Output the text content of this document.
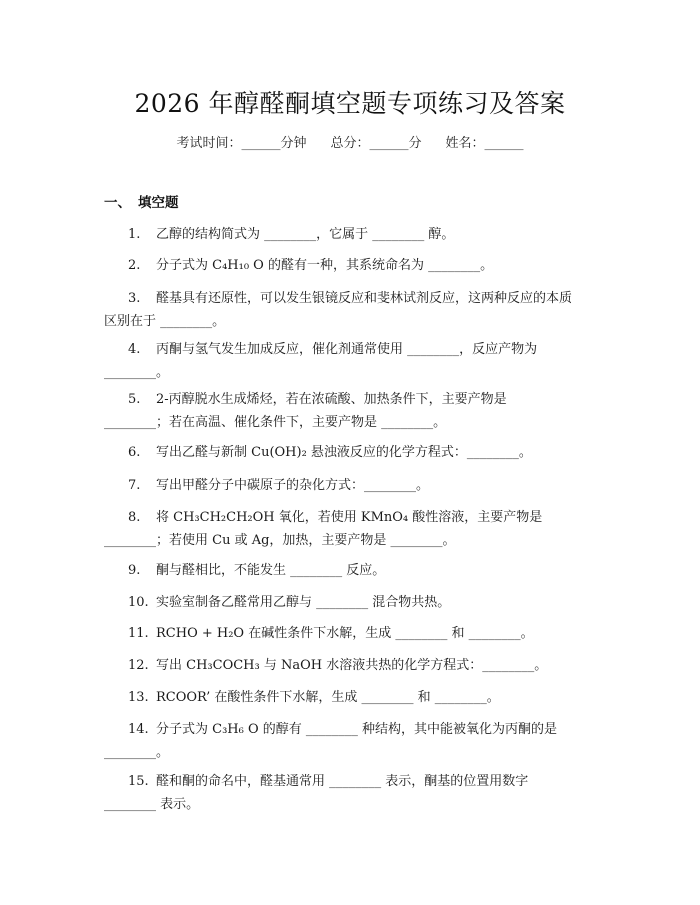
2026 年醇醛酮填空题专项练习及答案
考试时间：______分钟 总分：______分 姓名：______
一、 填空题
1. 乙醇的结构简式为 ________，它属于 ________ 醇。
2. 分子式为 C₄H₁₀ O 的醛有一种，其系统命名为 ________。
3. 醛基具有还原性，可以发生银镜反应和斐林试剂反应，这两种反应的本质
区别在于 ________。
4. 丙酮与氢气发生加成反应，催化剂通常使用 ________，反应产物为
________。
5. 2-丙醇脱水生成烯烃，若在浓硫酸、加热条件下，主要产物是
________；若在高温、催化条件下，主要产物是 ________。
6. 写出乙醛与新制 Cu(OH)₂ 悬浊液反应的化学方程式：________。
7. 写出甲醛分子中碳原子的杂化方式：________。
8. 将 CH₃CH₂CH₂OH 氧化，若使用 KMnO₄ 酸性溶液，主要产物是
________；若使用 Cu 或 Ag，加热，主要产物是 ________。
9. 酮与醛相比，不能发生 ________ 反应。
10. 实验室制备乙醛常用乙醇与 ________ 混合物共热。
11. RCHO + H₂O 在碱性条件下水解，生成 ________ 和 ________。
12. 写出 CH₃COCH₃ 与 NaOH 水溶液共热的化学方程式：________。
13. RCOOR’ 在酸性条件下水解，生成 ________ 和 ________。
14. 分子式为 C₃H₆ O 的醇有 ________ 种结构，其中能被氧化为丙酮的是
________。
15. 醛和酮的命名中，醛基通常用 ________ 表示，酮基的位置用数字
________ 表示。
